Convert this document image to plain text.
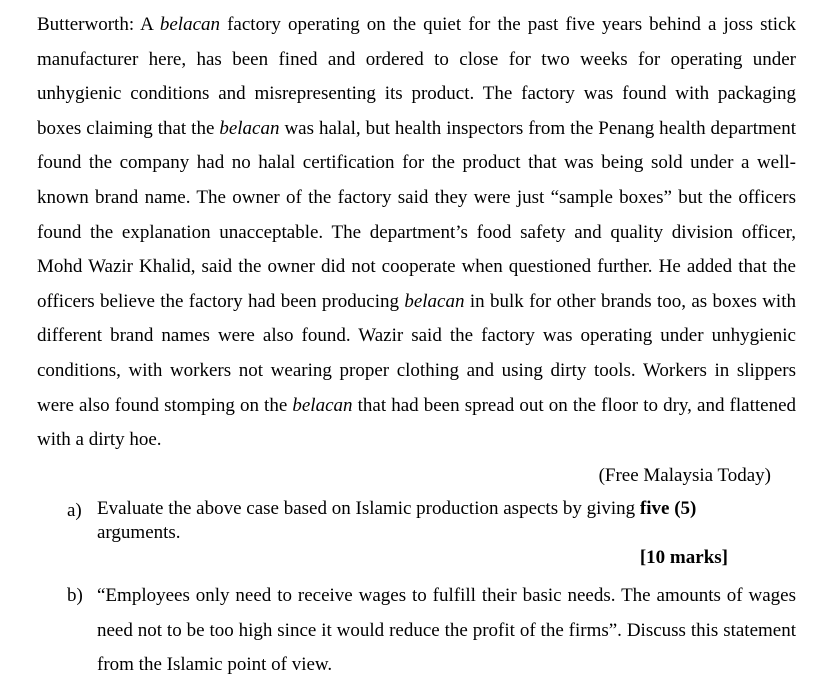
Butterworth: A belacan factory operating on the quiet for the past five years behind a joss stick manufacturer here, has been fined and ordered to close for two weeks for operating under unhygienic conditions and misrepresenting its product. The factory was found with packaging boxes claiming that the belacan was halal, but health inspectors from the Penang health department found the company had no halal certification for the product that was being sold under a well-known brand name. The owner of the factory said they were just “sample boxes” but the officers found the explanation unacceptable. The department’s food safety and quality division officer, Mohd Wazir Khalid, said the owner did not cooperate when questioned further. He added that the officers believe the factory had been producing belacan in bulk for other brands too, as boxes with different brand names were also found. Wazir said the factory was operating under unhygienic conditions, with workers not wearing proper clothing and using dirty tools. Workers in slippers were also found stomping on the belacan that had been spread out on the floor to dry, and flattened with a dirty hoe.

(Free Malaysia Today)

a) Evaluate the above case based on Islamic production aspects by giving five (5) arguments.

[10 marks]

b) “Employees only need to receive wages to fulfill their basic needs. The amounts of wages need not to be too high since it would reduce the profit of the firms”. Discuss this statement from the Islamic point of view.
